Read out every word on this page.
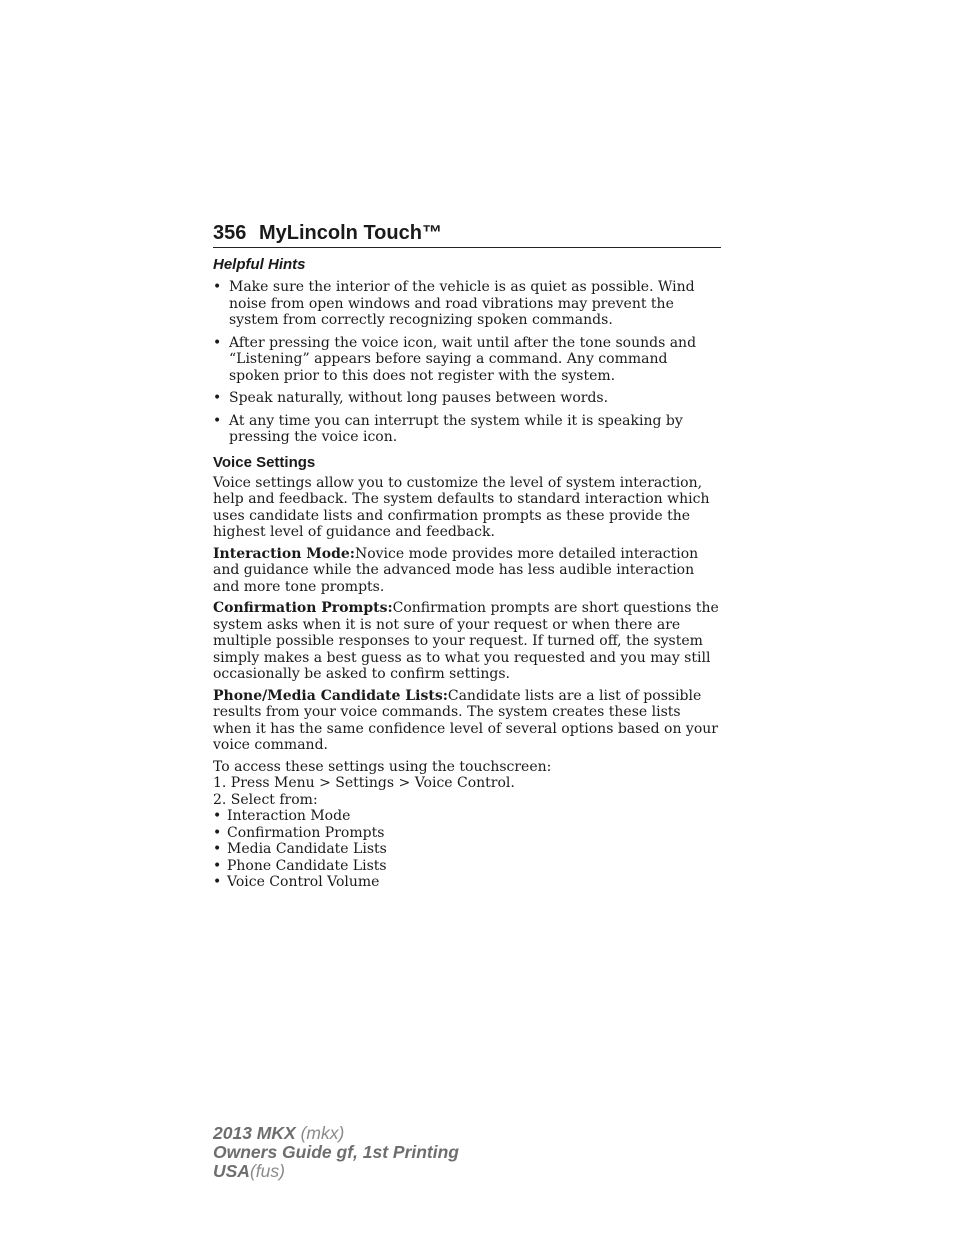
356 MyLincoln Touch™
Helpful Hints
• Make sure the interior of the vehicle is as quiet as possible. Wind noise from open windows and road vibrations may prevent the system from correctly recognizing spoken commands.
• After pressing the voice icon, wait until after the tone sounds and “Listening” appears before saying a command. Any command spoken prior to this does not register with the system.
• Speak naturally, without long pauses between words.
• At any time you can interrupt the system while it is speaking by pressing the voice icon.
Voice Settings

Voice settings allow you to customize the level of system interaction, help and feedback. The system defaults to standard interaction which uses candidate lists and confirmation prompts as these provide the highest level of guidance and feedback.

Interaction Mode:Novice mode provides more detailed interaction and guidance while the advanced mode has less audible interaction and more tone prompts.

Confirmation Prompts:Confirmation prompts are short questions the system asks when it is not sure of your request or when there are multiple possible responses to your request. If turned off, the system simply makes a best guess as to what you requested and you may still occasionally be asked to confirm settings.

Phone/Media Candidate Lists:Candidate lists are a list of possible results from your voice commands. The system creates these lists when it has the same confidence level of several options based on your voice command.

To access these settings using the touchscreen:

1. Press Menu > Settings > Voice Control.
2. Select from:
• Interaction Mode
• Confirmation Prompts
• Media Candidate Lists
• Phone Candidate Lists
• Voice Control Volume
2013 MKX (mkx)
Owners Guide gf, 1st Printing
USA(fus)
